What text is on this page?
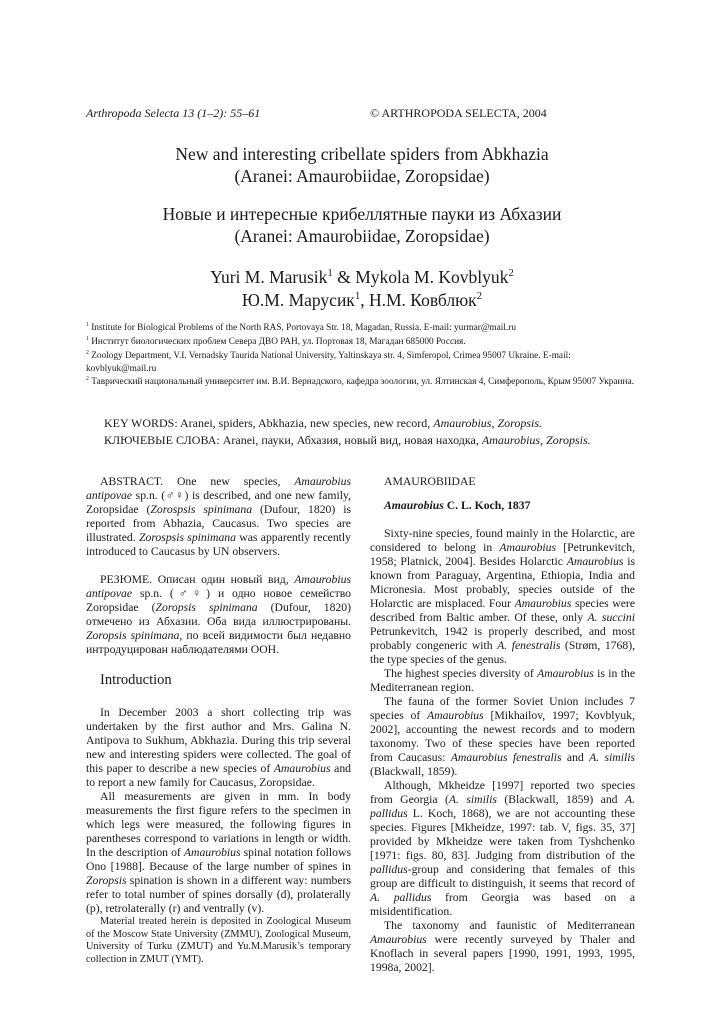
Arthropoda Selecta 13 (1–2): 55–61	© ARTHROPODA SELECTA, 2004
New and interesting cribellate spiders from Abkhazia
(Aranei: Amaurobiidae, Zoropsidae)
Новые и интересные крибеллятные пауки из Абхазии
(Aranei: Amaurobiidae, Zoropsidae)
Yuri M. Marusik$^1$ & Mykola M. Kovblyuk$^2$
Ю.М. Марусик$^1$, Н.М. Ковблюк$^2$
$^1$ Institute for Biological Problems of the North RAS, Portovaya Str. 18, Magadan, Russia. E-mail: yurmar@mail.ru
$^1$ Институт биологических проблем Севера ДВО РАН, ул. Портовая 18, Магадан 685000 Россия.
$^2$ Zoology Department, V.I. Vernadsky Taurida National University, Yaltinskaya str. 4, Simferopol, Crimea 95007 Ukraine. E-mail: kovblyuk@mail.ru
$^2$ Таврический национальный университет им. В.И. Вернадского, кафедра зоологии, ул. Ялтинская 4, Симферополь, Крым 95007 Украина.
KEY WORDS: Aranei, spiders, Abkhazia, new species, new record, Amaurobius, Zoropsis.
КЛЮЧЕВЫЕ СЛОВА: Aranei, пауки, Абхазия, новый вид, новая находка, Amaurobius, Zoropsis.

ABSTRACT. One new species, Amaurobius antipovae sp.n. (♂♀) is described, and one new family, Zoropsidae (Zorospsis spinimana (Dufour, 1820) is reported from Abhazia, Caucasus. Two species are illustrated. Zorospsis spinimana was apparently recently introduced to Caucasus by UN observers.

РЕЗЮМЕ. Описан один новый вид, Amaurobius antipovae sp.n. (♂♀) и одно новое семейство Zoropsidae (Zoropsis spinimana (Dufour, 1820) отмечено из Абхазии. Оба вида иллюстрированы. Zoropsis spinimana, по всей видимости был недавно интродуцирован наблюдателями ООН.

Introduction

In December 2003 a short collecting trip was undertaken by the first author and Mrs. Galina N. Antipova to Sukhum, Abkhazia. During this trip several new and interesting spiders were collected. The goal of this paper to describe a new species of Amaurobius and to report a new family for Caucasus, Zoropsidae.

All measurements are given in mm. In body measurements the first figure refers to the specimen in which legs were measured, the following figures in parentheses correspond to variations in length or width. In the description of Amaurobius spinal notation follows Ono [1988]. Because of the large number of spines in Zoropsis spination is shown in a different way: numbers refer to total number of spines dorsally (d), prolaterally (p), retrolaterally (r) and ventrally (v).

Material treated herein is deposited in Zoological Museum of the Moscow State University (ZMMU), Zoological Museum, University of Turku (ZMUT) and Yu.M.Marusik’s temporary collection in ZMUT (YMT).

AMAUROBIIDAE

Amaurobius C. L. Koch, 1837

Sixty-nine species, found mainly in the Holarctic, are considered to belong in Amaurobius [Petrunkevitch, 1958; Platnick, 2004]. Besides Holarctic Amaurobius is known from Paraguay, Argentina, Ethiopia, India and Micronesia. Most probably, species outside of the Holarctic are misplaced. Four Amaurobius species were described from Baltic amber. Of these, only A. succini Petrunkevitch, 1942 is properly described, and most probably congeneric with A. fenestralis (Strøm, 1768), the type species of the genus.

The highest species diversity of Amaurobius is in the Mediterranean region.

The fauna of the former Soviet Union includes 7 species of Amaurobius [Mikhailov, 1997; Kovblyuk, 2002], accounting the newest records and to modern taxonomy. Two of these species have been reported from Caucasus: Amaurobius fenestralis and A. similis (Blackwall, 1859).

Although, Mkheidze [1997] reported two species from Georgia (A. similis (Blackwall, 1859) and A. pallidus L. Koch, 1868), we are not accounting these species. Figures [Mkheidze, 1997: tab. V, figs. 35, 37] provided by Mkheidze were taken from Tyshchenko [1971: figs. 80, 83]. Judging from distribution of the pallidus-group and considering that females of this group are difficult to distinguish, it seems that record of A. pallidus from Georgia was based on a misidentification.

The taxonomy and faunistic of Mediterranean Amaurobius were recently surveyed by Thaler and Knoflach in several papers [1990, 1991, 1993, 1995, 1998a, 2002].
